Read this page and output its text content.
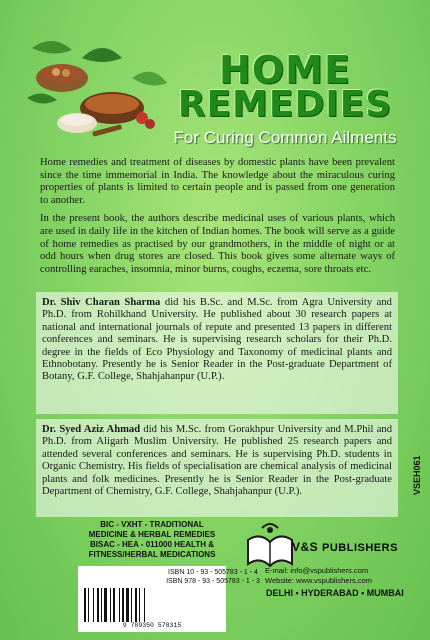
HOME
REMEDIES
For Curing Common Ailments

Home remedies and treatment of diseases by domestic plants have been prevalent since the time immemorial in India. The knowledge about the miraculous curing properties of plants is limited to certain people and is passed from one generation to another.

In the present book, the authors describe medicinal uses of various plants, which are used in daily life in the kitchen of Indian homes. The book will serve as a guide of home remedies as practised by our grandmothers, in the middle of night or at odd hours when drug stores are closed. This book gives some alternate ways of controlling earaches, insomnia, minor burns, coughs, eczema, sore throats etc.

Dr. Shiv Charan Sharma did his B.Sc. and M.Sc. from Agra University and Ph.D. from Rohilkhand University. He published about 30 research papers at national and international journals of repute and presented 13 papers in different conferences and seminars. He is supervising research scholars for their Ph.D. degree in the fields of Eco Physiology and Taxonomy of medicinal plants and Ethnobotany. Presently he is Senior Reader in the Post-graduate Department of Botany, G.F. College, Shahjahanpur (U.P.).
Dr. Syed Aziz Ahmad did his M.Sc. from Gorakhpur University and M.Phil and Ph.D. from Aligarh Muslim University. He published 25 research papers and attended several conferences and seminars. He is supervising Ph.D. students in Organic Chemistry. His fields of specialisation are chemical analysis of medicinal plants and folk medicines. Presently he is Senior Reader in the Post-graduate Department of Chemistry, G.F. College, Shahjahanpur (U.P.).
BIC - VXHT - TRADITIONAL
MEDICINE & HERBAL REMEDIES
BISAC - HEA - 011000 HEALTH &
FITNESS/HERBAL MEDICATIONS
ISBN 10 - 93 - 505783 - 1 - 4
ISBN 978 - 93 - 505783 - 1 - 3
9 789350 578315
V&S PUBLISHERS
E-mail: info@vspublishers.com
Website: www.vspublishers.com
DELHI • HYDERABAD • MUMBAI
VSEH061
